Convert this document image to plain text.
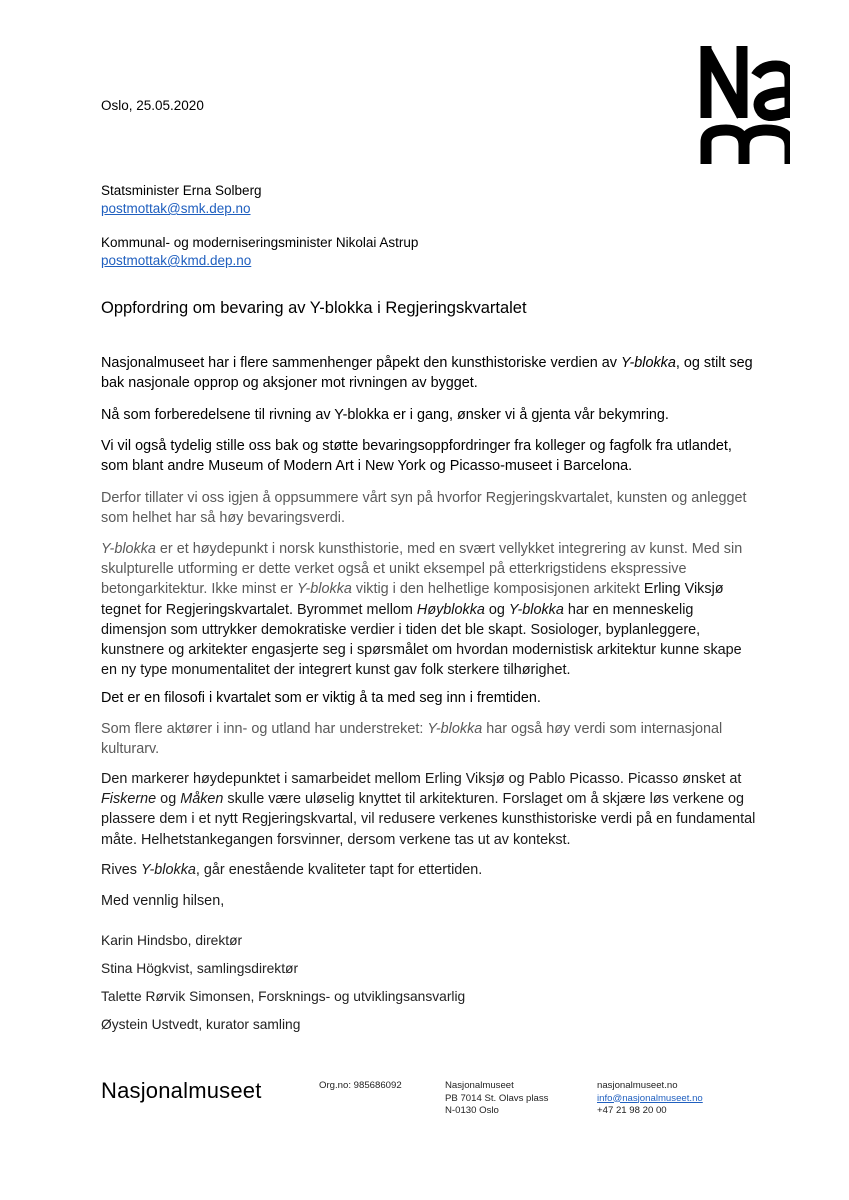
Oslo, 25.05.2020
Statsminister Erna Solberg
postmottak@smk.dep.no
Kommunal- og moderniseringsminister Nikolai Astrup
postmottak@kmd.dep.no
Oppfordring om bevaring av Y-blokka i Regjeringskvartalet

Nasjonalmuseet har i flere sammenhenger påpekt den kunsthistoriske verdien av Y-blokka, og stilt seg bak nasjonale opprop og aksjoner mot rivningen av bygget.

Nå som forberedelsene til rivning av Y-blokka er i gang, ønsker vi å gjenta vår bekymring.

Vi vil også tydelig stille oss bak og støtte bevaringsoppfordringer fra kolleger og fagfolk fra utlandet, som blant andre Museum of Modern Art i New York og Picasso-museet i Barcelona.

Derfor tillater vi oss igjen å oppsummere vårt syn på hvorfor Regjeringskvartalet, kunsten og anlegget som helhet har så høy bevaringsverdi.

Y-blokka er et høydepunkt i norsk kunsthistorie, med en svært vellykket integrering av kunst. Med sin skulpturelle utforming er dette verket også et unikt eksempel på etterkrigstidens ekspressive betongarkitektur. Ikke minst er Y-blokka viktig i den helhetlige komposisjonen arkitekt Erling Viksjø tegnet for Regjeringskvartalet. Byrommet mellom Høyblokka og Y-blokka har en menneskelig dimensjon som uttrykker demokratiske verdier i tiden det ble skapt. Sosiologer, byplanleggere, kunstnere og arkitekter engasjerte seg i spørsmålet om hvordan modernistisk arkitektur kunne skape en ny type monumentalitet der integrert kunst gav folk sterkere tilhørighet.

Det er en filosofi i kvartalet som er viktig å ta med seg inn i fremtiden.

Som flere aktører i inn- og utland har understreket: Y-blokka har også høy verdi som internasjonal kulturarv.

Den markerer høydepunktet i samarbeidet mellom Erling Viksjø og Pablo Picasso. Picasso ønsket at Fiskerne og Måken skulle være uløselig knyttet til arkitekturen. Forslaget om å skjære løs verkene og plassere dem i et nytt Regjeringskvartal, vil redusere verkenes kunsthistoriske verdi på en fundamental måte. Helhetstankegangen forsvinner, dersom verkene tas ut av kontekst.

Rives Y-blokka, går enestående kvaliteter tapt for ettertiden.

Med vennlig hilsen,

Karin Hindsbo, direktør
Stina Högkvist, samlingsdirektør
Talette Rørvik Simonsen, Forsknings- og utviklingsansvarlig
Øystein Ustvedt, kurator samling
Nasjonalmuseet	Org.no: 985686092	Nasjonalmuseet
PB 7014 St. Olavs plass
N-0130 Oslo
nasjonalmuseet.no
info@nasjonalmuseet.no
+47 21 98 20 00
